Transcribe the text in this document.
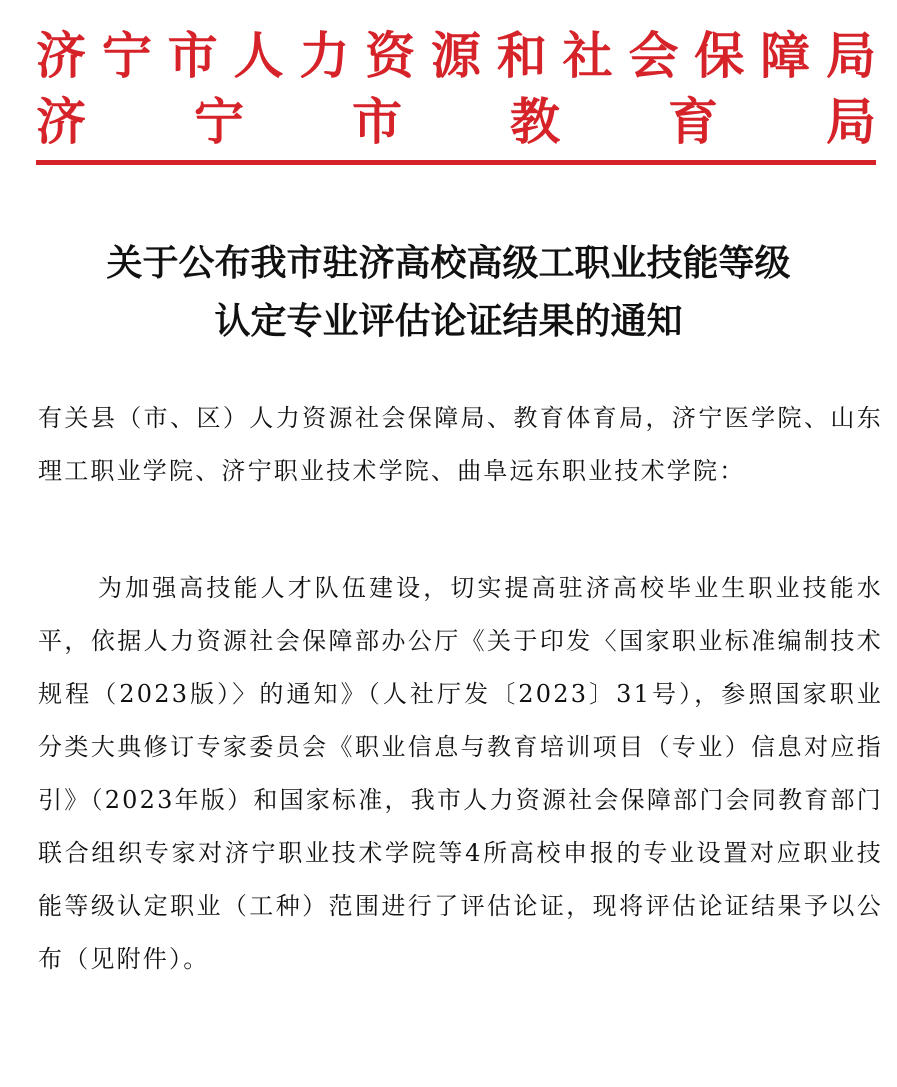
济 宁 市 人 力 资 源 和 社 会 保 障 局
济 宁 市 教 育 局
关于公布我市驻济高校高级工职业技能等级
认定专业评估论证结果的通知
有关县（市、区）人力资源社会保障局、教育体育局，济宁医学院、山东理工职业学院、济宁职业技术学院、曲阜远东职业技术学院：
为加强高技能人才队伍建设，切实提高驻济高校毕业生职业技能水平，依据人力资源社会保障部办公厅《关于印发〈国家职业标准编制技术规程（2023版）〉的通知》（人社厅发〔2023〕31号），参照国家职业分类大典修订专家委员会《职业信息与教育培训项目（专业）信息对应指引》（2023年版）和国家标准，我市人力资源社会保障部门会同教育部门联合组织专家对济宁职业技术学院等4所高校申报的专业设置对应职业技能等级认定职业（工种）范围进行了评估论证，现将评估论证结果予以公布（见附件）。
